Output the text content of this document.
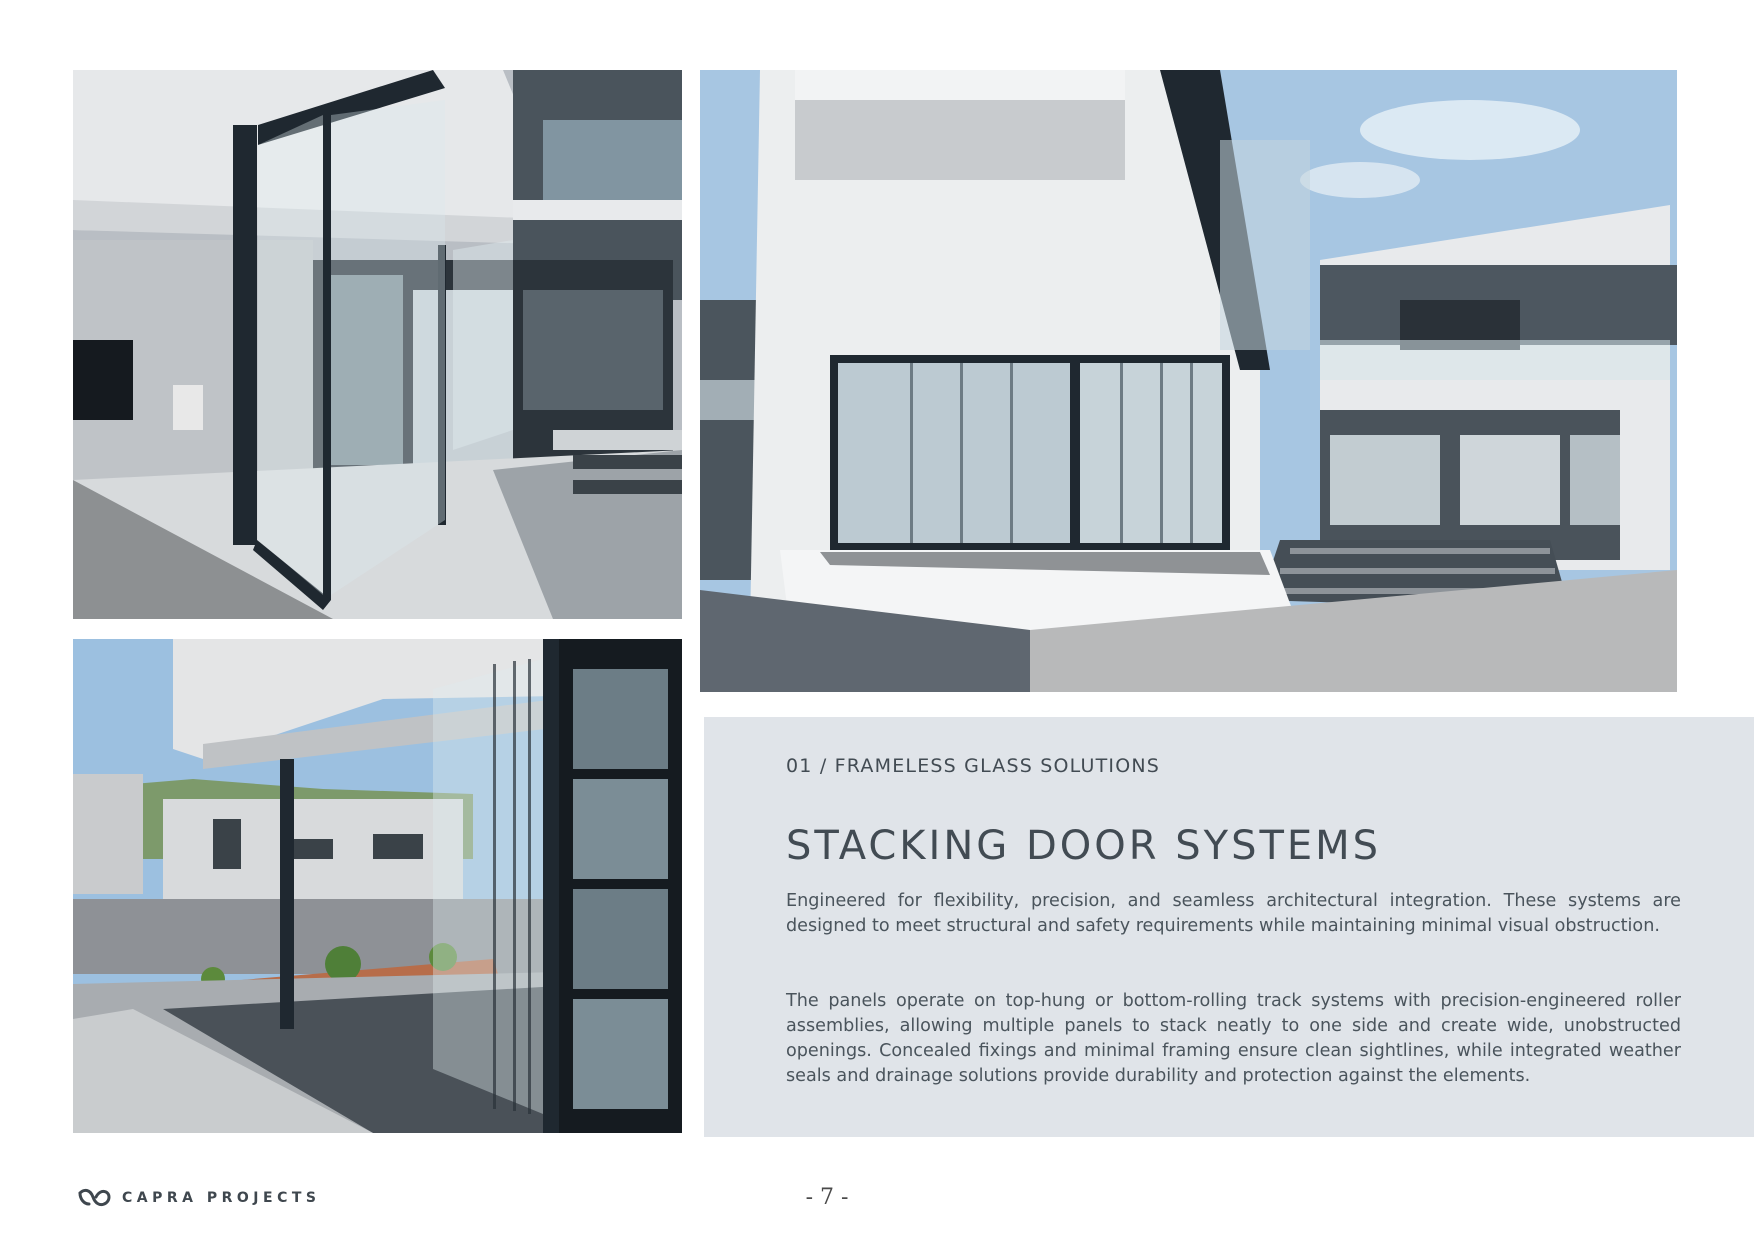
01 / FRAMELESS GLASS SOLUTIONS
STACKING DOOR SYSTEMS

Engineered for flexibility, precision, and seamless architectural integration. These systems are designed to meet structural and safety requirements while maintaining minimal visual obstruction.

The panels operate on top-hung or bottom-rolling track systems with precision-engineered roller assemblies, allowing multiple panels to stack neatly to one side and create wide, unobstructed openings. Concealed fixings and minimal framing ensure clean sightlines, while integrated weather seals and drainage solutions provide durability and protection against the elements.

CAPRA PROJECTS	- 7 -
